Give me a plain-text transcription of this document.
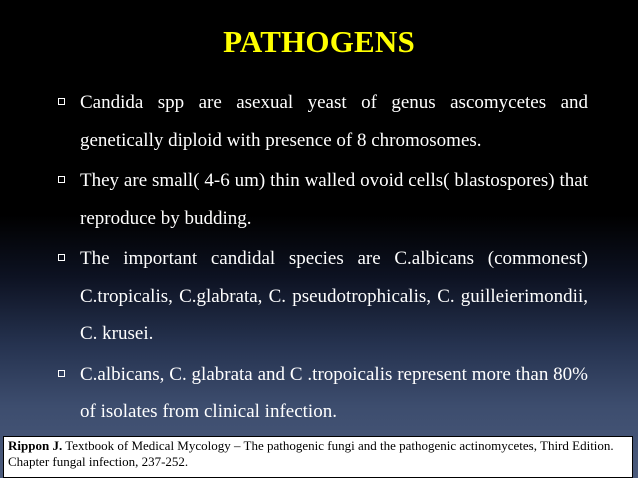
PATHOGENS
Candida spp are asexual yeast of genus ascomycetes and genetically diploid with presence of 8 chromosomes.
They are small( 4-6 um) thin walled ovoid cells( blastospores) that reproduce by budding.
The important candidal species are C.albicans (commonest) C.tropicalis, C.glabrata, C. pseudotrophicalis, C. guilleierimondii, C. krusei.
C.albicans, C. glabrata and C .tropoicalis represent more than 80% of isolates from clinical infection.
Rippon J. Textbook of Medical Mycology – The pathogenic fungi and the pathogenic actinomycetes, Third Edition. Chapter fungal infection, 237-252.
